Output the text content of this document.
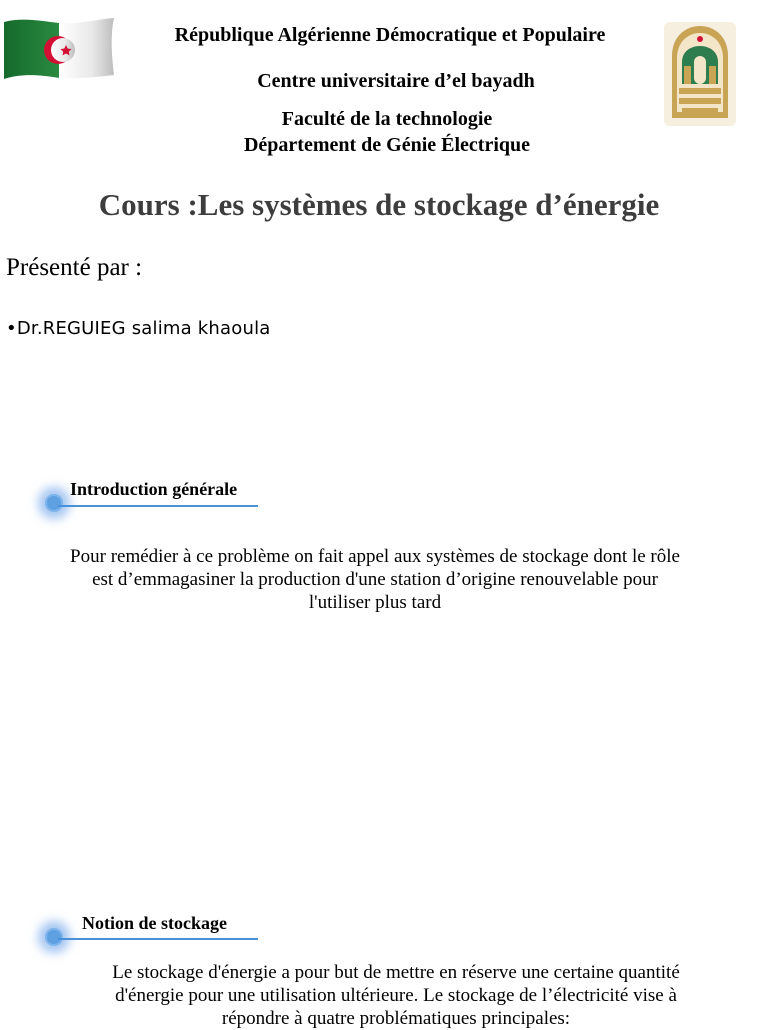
République Algérienne Démocratique et Populaire
Centre universitaire d’el bayadh
Faculté de la technologie
Département de Génie Électrique
Cours :Les systèmes de stockage d’énergie
Présenté par :
•Dr.REGUIEG salima khaoula
Introduction générale
Pour remédier à ce problème on fait appel aux systèmes de stockage dont le rôle est d’emmagasiner la production d'une station d’origine renouvelable pour l'utiliser plus tard
Notion de stockage
Le stockage d'énergie a pour but de mettre en réserve une certaine quantité d'énergie pour une utilisation ultérieure. Le stockage de l’électricité vise à répondre à quatre problématiques principales:
